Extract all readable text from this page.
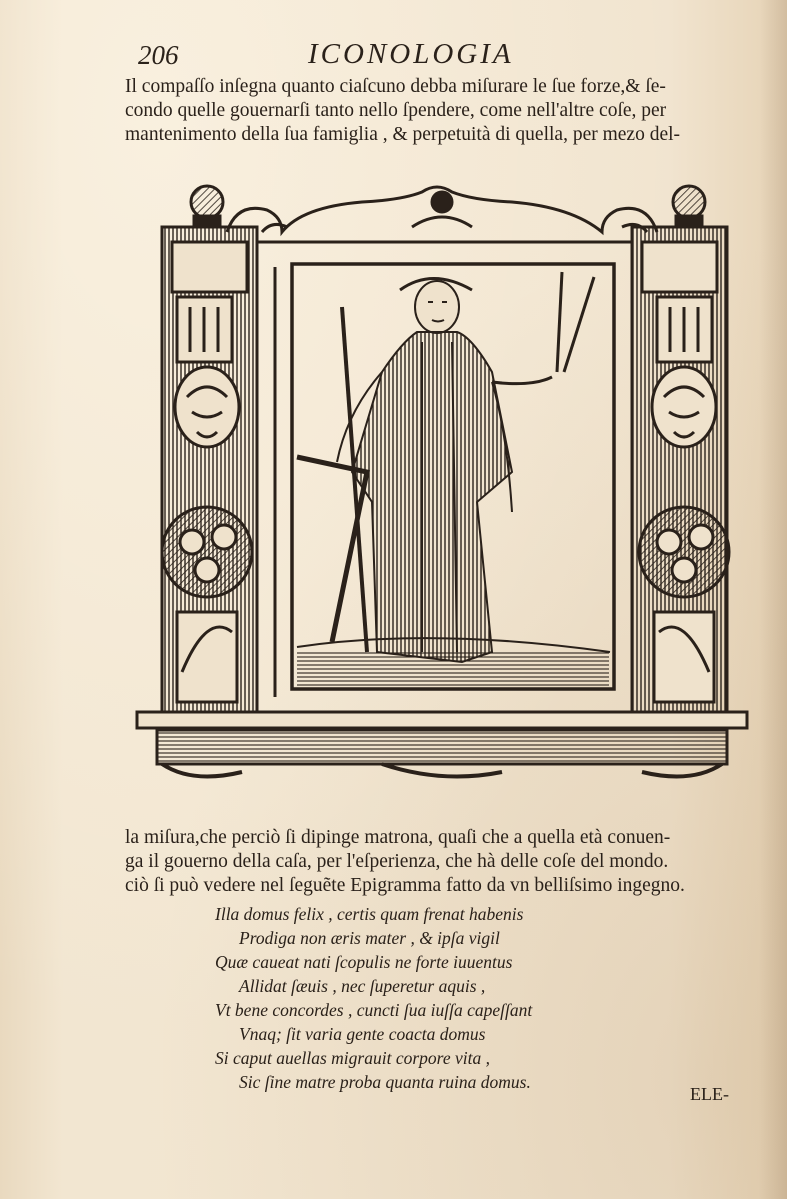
206	ICONOLOGIA
Il compaſſo inſegna quanto ciaſcuno debba miſurare le ſue forze,& ſe-
condo quelle gouernarſi tanto nello ſpendere, come nell'altre coſe, per
mantenimento della ſua famiglia , & perpetuità di quella, per mezo del-
la miſura,che perciò ſi dipinge matrona, quaſi che a quella età conuen-
ga il gouerno della caſa, per l'eſperienza, che hà delle coſe del mondo.
ciò ſi può vedere nel ſeguẽte Epigramma fatto da vn belliſsimo ingegno.
Illa domus felix , certis quam frenat habenis
Prodiga non æris mater , & ipſa vigil
Quæ caueat nati ſcopulis ne forte iuuentus
Allidat ſæuis , nec ſuperetur aquis ,
Vt bene concordes , cuncti ſua iuſſa capeſſant
Vnaq; ſit varia gente coacta domus
Si caput auellas migrauit corpore vita ,
Sic ſine matre proba quanta ruina domus.
ELE-
